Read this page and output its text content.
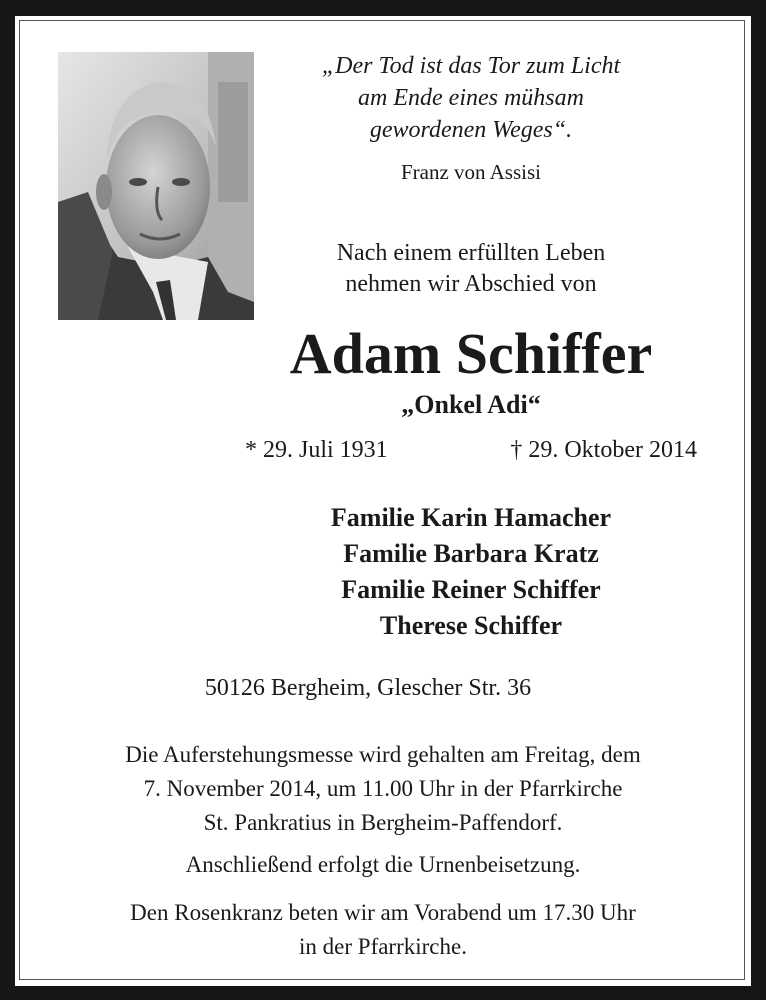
„Der Tod ist das Tor zum Licht
am Ende eines mühsam
gewordenen Weges“.
Franz von Assisi
Nach einem erfüllten Leben
nehmen wir Abschied von
Adam Schiffer
„Onkel Adi“
* 29. Juli 1931	† 29. Oktober 2014
Familie Karin Hamacher
Familie Barbara Kratz
Familie Reiner Schiffer
Therese Schiffer
50126 Bergheim, Glescher Str. 36
Die Auferstehungsmesse wird gehalten am Freitag, dem
7. November 2014, um 11.00 Uhr in der Pfarrkirche
St. Pankratius in Bergheim-Paffendorf.
Anschließend erfolgt die Urnenbeisetzung.
Den Rosenkranz beten wir am Vorabend um 17.30 Uhr
in der Pfarrkirche.
